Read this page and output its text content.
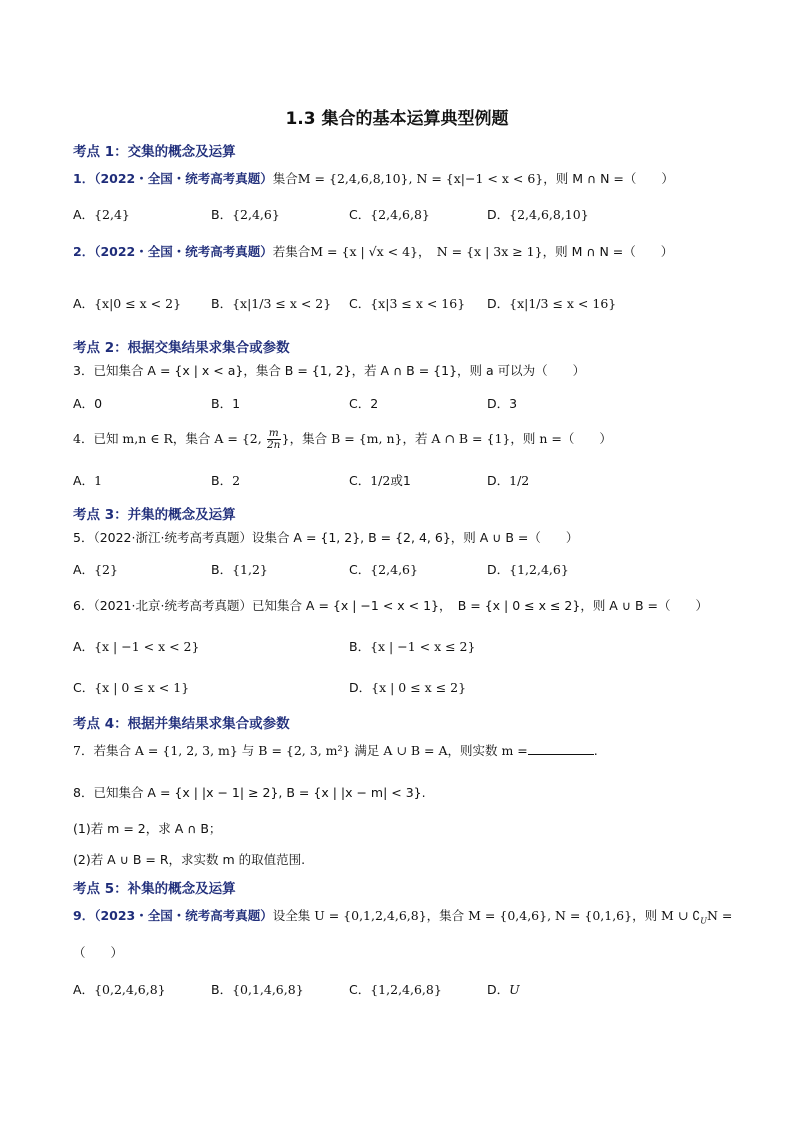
1.3 集合的基本运算典型例题
考点 1：交集的概念及运算
1．（2022・全国・统考高考真题）集合M = {2,4,6,8,10}, N = {x|−1 < x < 6}，则 M ∩ N =（　　）
A．{2,4}	B．{2,4,6}	C．{2,4,6,8}	D．{2,4,6,8,10}
2．（2022・全国・统考高考真题）若集合M = {x | √x < 4}，　N = {x | 3x ≥ 1}，则 M ∩ N =（　　）
A．{x|0 ≤ x < 2} B．{x|1/3 ≤ x < 2} C．{x|3 ≤ x < 16} D．{x|1/3 ≤ x < 16}
考点 2：根据交集结果求集合或参数
3．已知集合 A = {x | x < a}，集合 B = {1, 2}，若 A ∩ B = {1}，则 a 可以为（　　）
A．0	B．1	C．2	D．3
4．已知 m,n ∈ R，集合 A = {2, $\frac{m}{2n}$ }，集合 B = {m, n}，若 A ∩ B = {1}，则 n =（　　）
A．1	B．2	C．1/2或1	D．1/2
考点 3：并集的概念及运算
5．（2022·浙江·统考高考真题）设集合 A = {1, 2}, B = {2, 4, 6}，则 A ∪ B =（　　）
A．{2}	B．{1,2}	C．{2,4,6}	D．{1,2,4,6}
6．（2021·北京·统考高考真题）已知集合 A = {x | −1 < x < 1}，　B = {x | 0 ≤ x ≤ 2}，则 A ∪ B =（　　）
A．{x | −1 < x < 2}	B．{x | −1 < x ≤ 2}
C．{x | 0 ≤ x < 1}	D．{x | 0 ≤ x ≤ 2}
考点 4：根据并集结果求集合或参数
7．若集合 A = {1, 2, 3, m} 与 B = {2, 3, m²} 满足 A ∪ B = A，则实数 m =	.
8．已知集合 A = {x | |x − 1| ≥ 2}, B = {x | |x − m| < 3}.
(1)若 m = 2，求 A ∩ B；
(2)若 A ∪ B = R，求实数 m 的取值范围.
考点 5：补集的概念及运算
9．（2023・全国・统考高考真题）设全集 U = {0,1,2,4,6,8}，集合 M = {0,4,6}, N = {0,1,6}，则 M ∪ $∁_UN$ =
（　　）
A．{0,2,4,6,8}	B．{0,1,4,6,8}	C．{1,2,4,6,8}	D．U
